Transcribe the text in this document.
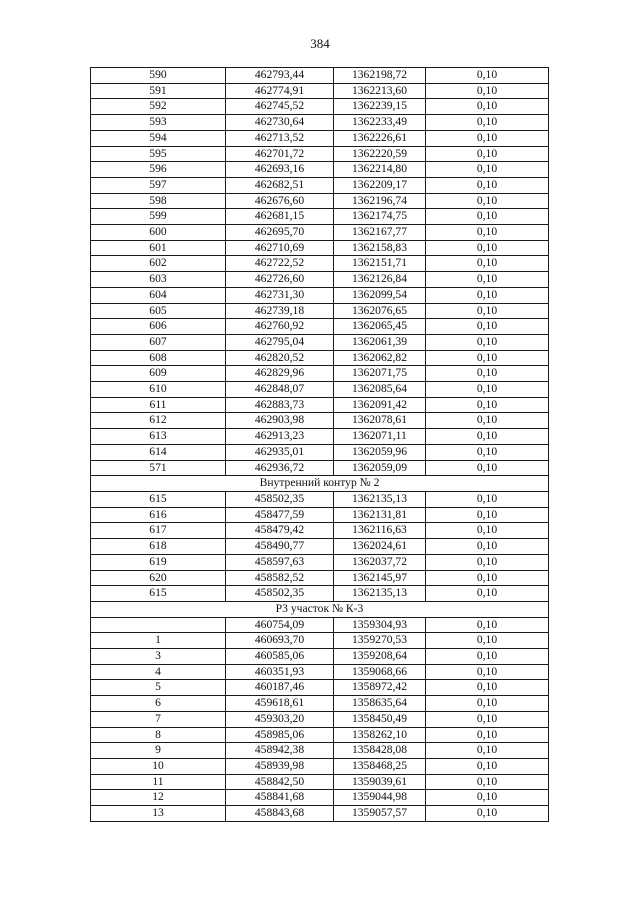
384
590	462793,44	1362198,72	0,10
591	462774,91	1362213,60	0,10
592	462745,52	1362239,15	0,10
593	462730,64	1362233,49	0,10
594	462713,52	1362226,61	0,10
595	462701,72	1362220,59	0,10
596	462693,16	1362214,80	0,10
597	462682,51	1362209,17	0,10
598	462676,60	1362196,74	0,10
599	462681,15	1362174,75	0,10
600	462695,70	1362167,77	0,10
601	462710,69	1362158,83	0,10
602	462722,52	1362151,71	0,10
603	462726,60	1362126,84	0,10
604	462731,30	1362099,54	0,10
605	462739,18	1362076,65	0,10
606	462760,92	1362065,45	0,10
607	462795,04	1362061,39	0,10
608	462820,52	1362062,82	0,10
609	462829,96	1362071,75	0,10
610	462848,07	1362085,64	0,10
611	462883,73	1362091,42	0,10
612	462903,98	1362078,61	0,10
613	462913,23	1362071,11	0,10
614	462935,01	1362059,96	0,10
571	462936,72	1362059,09	0,10
Внутренний контур № 2			
615	458502,35	1362135,13	0,10
616	458477,59	1362131,81	0,10
617	458479,42	1362116,63	0,10
618	458490,77	1362024,61	0,10
619	458597,63	1362037,72	0,10
620	458582,52	1362145,97	0,10
615	458502,35	1362135,13	0,10
Р3 участок № К-3			
	460754,09	1359304,93	0,10
1	460693,70	1359270,53	0,10
3	460585,06	1359208,64	0,10
4	460351,93	1359068,66	0,10
5	460187,46	1358972,42	0,10
6	459618,61	1358635,64	0,10
7	459303,20	1358450,49	0,10
8	458985,06	1358262,10	0,10
9	458942,38	1358428,08	0,10
10	458939,98	1358468,25	0,10
11	458842,50	1359039,61	0,10
12	458841,68	1359044,98	0,10
13	458843,68	1359057,57	0,10
